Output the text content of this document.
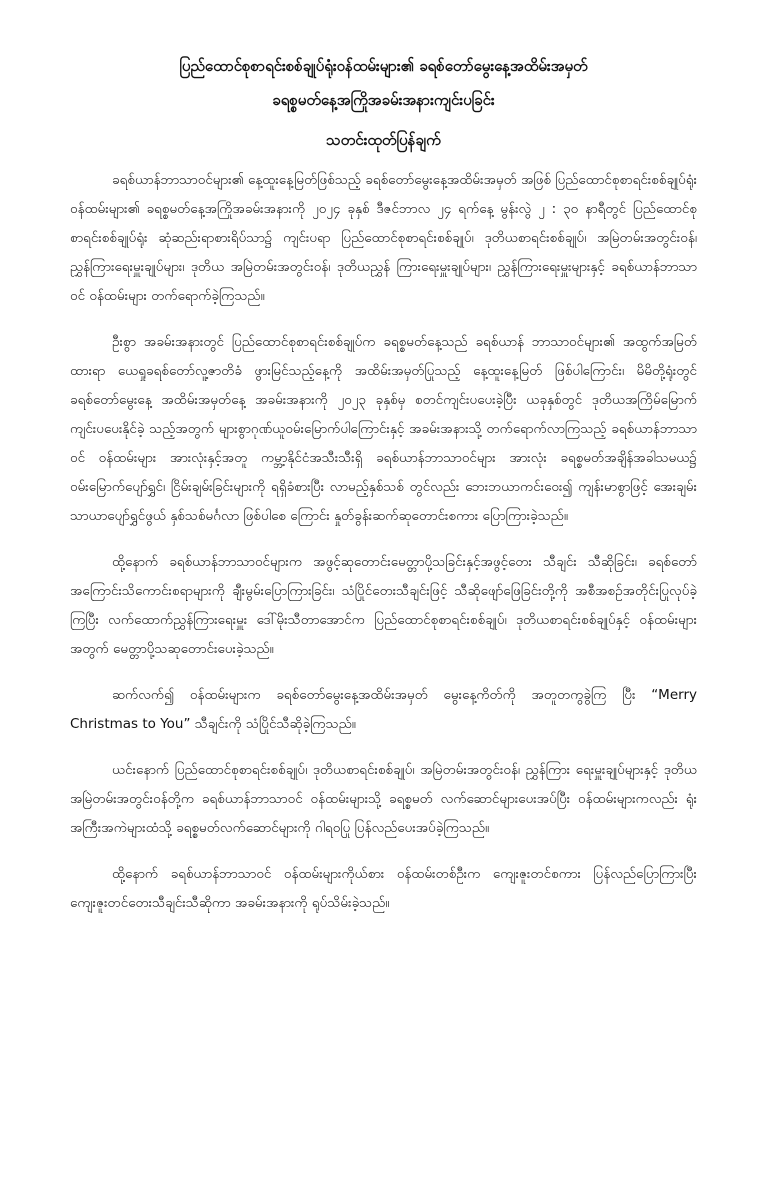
ပြည်ထောင်စုစာရင်းစစ်ချုပ်ရုံးဝန်ထမ်းများ၏ ခရစ်တော်မွေးနေ့အထိမ်းအမှတ်
ခရစ္စမတ်နေ့အကြိုအခမ်းအနားကျင်းပခြင်း
သတင်းထုတ်ပြန်ချက်

ခရစ်ယာန်ဘာသာဝင်များ၏ နေ့ထူးနေ့မြတ်ဖြစ်သည့် ခရစ်တော်မွေးနေ့အထိမ်းအမှတ် အဖြစ် ပြည်ထောင်စုစာရင်းစစ်ချုပ်ရုံးဝန်ထမ်းများ၏ ခရစ္စမတ်နေ့အကြိုအခမ်းအနားကို ၂၀၂၄ ခုနှစ် ဒီဇင်ဘာလ ၂၄ ရက်နေ့ မွန်းလွဲ ၂ : ၃၀ နာရီတွင် ပြည်ထောင်စုစာရင်းစစ်ချုပ်ရုံး ဆုံဆည်းရာစားရိပ်သာ၌ ကျင်းပရာ ပြည်ထောင်စုစာရင်းစစ်ချုပ်၊ ဒုတိယစာရင်းစစ်ချုပ်၊ အမြဲတမ်းအတွင်းဝန်၊ ညွှန်ကြားရေးမှူးချုပ်များ၊ ဒုတိယ အမြဲတမ်းအတွင်းဝန်၊ ဒုတိယညွှန် ကြားရေးမှူးချုပ်များ၊ ညွှန်ကြားရေးမှူးများနှင့် ခရစ်ယာန်ဘာသာဝင် ဝန်ထမ်းများ တက်ရောက်ခဲ့ကြသည်။

ဦးစွာ အခမ်းအနားတွင် ပြည်ထောင်စုစာရင်းစစ်ချုပ်က ခရစ္စမတ်နေ့သည် ခရစ်ယာန် ဘာသာဝင်များ၏ အထွက်အမြတ်ထားရာ ယေရှုခရစ်တော်လူ့ဇာတိခံ ဖွားမြင်သည့်နေ့ကို အထိမ်းအမှတ်ပြုသည့် နေ့ထူးနေ့မြတ် ဖြစ်ပါကြောင်း၊ မိမိတို့ရုံးတွင် ခရစ်တော်မွေးနေ့ အထိမ်းအမှတ်နေ့ အခမ်းအနားကို ၂၀၂၃ ခုနှစ်မှ စတင်ကျင်းပပေးခဲ့ပြီး ယခုနှစ်တွင် ဒုတိယအကြိမ်မြောက် ကျင်းပပေးနိုင်ခဲ့ သည့်အတွက် များစွာဂုဏ်ယူဝမ်းမြောက်ပါကြောင်းနှင့် အခမ်းအနားသို့ တက်ရောက်လာကြသည့် ခရစ်ယာန်ဘာသာဝင် ဝန်ထမ်းများ အားလုံးနှင့်အတူ ကမ္ဘာ့နိုင်ငံအသီးသီးရှိ ခရစ်ယာန်ဘာသာဝင်များ အားလုံး ခရစ္စမတ်အချိန်အခါသမယ၌ ဝမ်းမြောက်ပျော်ရွှင်၊ ငြိမ်းချမ်းခြင်းများကို ရရှိခံစားပြီး လာမည့်နှစ်သစ် တွင်လည်း ဘေးဘယာကင်းဝေး၍ ကျန်းမာစွာဖြင့် အေးချမ်းသာယာပျော်ရွှင်ဖွယ် နှစ်သစ်မင်္ဂလာ ဖြစ်ပါစေ ကြောင်း နှုတ်ခွန်းဆက်ဆုတောင်းစကား ပြောကြားခဲ့သည်။

ထို့နောက် ခရစ်ယာန်ဘာသာဝင်များက အဖွင့်ဆုတောင်းမေတ္တာပို့သခြင်းနှင့်အဖွင့်တေး သီချင်း သီဆိုခြင်း၊ ခရစ်တော်အကြောင်းသိကောင်းစရာများကို ချီးမွမ်းပြောကြားခြင်း၊ သံပြိုင်တေးသီချင်းဖြင့် သီဆိုဖျော်ဖြေခြင်းတို့ကို အစီအစဉ်အတိုင်းပြုလုပ်ခဲ့ကြပြီး လက်ထောက်ညွှန်ကြားရေးမှူး ဒေါ်မိုးသီတာအောင်က ပြည်ထောင်စုစာရင်းစစ်ချုပ်၊ ဒုတိယစာရင်းစစ်ချုပ်နှင့် ဝန်ထမ်းများအတွက် မေတ္တာပို့သဆုတောင်းပေးခဲ့သည်။

ဆက်လက်၍ ဝန်ထမ်းများက ခရစ်တော်မွေးနေ့အထိမ်းအမှတ် မွေးနေ့ကိတ်ကို အတူတကွခွဲကြ ပြီး “Merry Christmas to You” သီချင်းကို သံပြိုင်သီဆိုခဲ့ကြသည်။

ယင်းနောက် ပြည်ထောင်စုစာရင်းစစ်ချုပ်၊ ဒုတိယစာရင်းစစ်ချုပ်၊ အမြဲတမ်းအတွင်းဝန်၊ ညွှန်ကြား ရေးမှူးချုပ်များနှင့် ဒုတိယအမြဲတမ်းအတွင်းဝန်တို့က ခရစ်ယာန်ဘာသာဝင် ဝန်ထမ်းများသို့ ခရစ္စမတ် လက်ဆောင်များပေးအပ်ပြီး ဝန်ထမ်းများကလည်း ရုံးအကြီးအကဲများထံသို့ ခရစ္စမတ်လက်ဆောင်များကို ဂါရဝပြု ပြန်လည်ပေးအပ်ခဲ့ကြသည်။

ထို့နောက် ခရစ်ယာန်ဘာသာဝင် ဝန်ထမ်းများကိုယ်စား ဝန်ထမ်းတစ်ဦးက ကျေးဇူးတင်စကား ပြန်လည်ပြောကြားပြီး ကျေးဇူးတင်တေးသီချင်းသီဆိုကာ အခမ်းအနားကို ရုပ်သိမ်းခဲ့သည်။
